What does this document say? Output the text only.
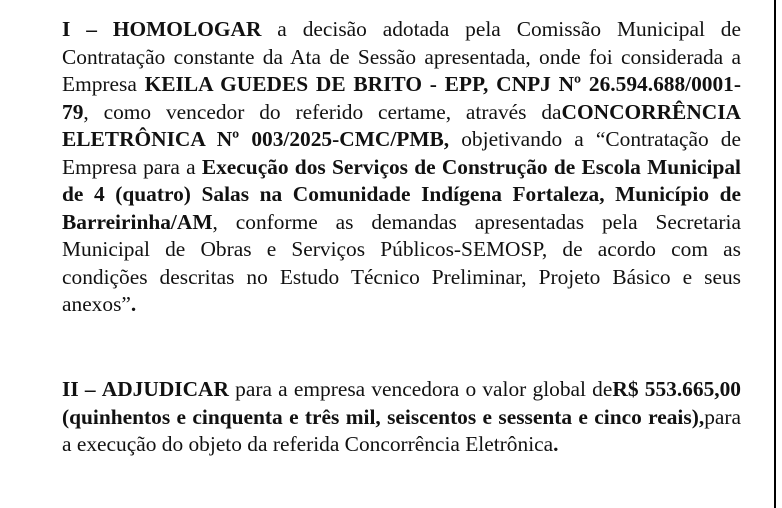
I – HOMOLOGAR a decisão adotada pela Comissão Municipal de Contratação constante da Ata de Sessão apresentada, onde foi considerada a Empresa KEILA GUEDES DE BRITO - EPP, CNPJ Nº 26.594.688/0001-79, como vencedor do referido certame, através daCONCORRÊNCIA ELETRÔNICA Nº 003/2025-CMC/PMB, objetivando a “Contratação de Empresa para a Execução dos Serviços de Construção de Escola Municipal de 4 (quatro) Salas na Comunidade Indígena Fortaleza, Município de Barreirinha/AM, conforme as demandas apresentadas pela Secretaria Municipal de Obras e Serviços Públicos-SEMOSP, de acordo com as condições descritas no Estudo Técnico Preliminar, Projeto Básico e seus anexos”.

II – ADJUDICAR para a empresa vencedora o valor global deR$ 553.665,00 (quinhentos e cinquenta e três mil, seiscentos e sessenta e cinco reais),para a execução do objeto da referida Concorrência Eletrônica.
